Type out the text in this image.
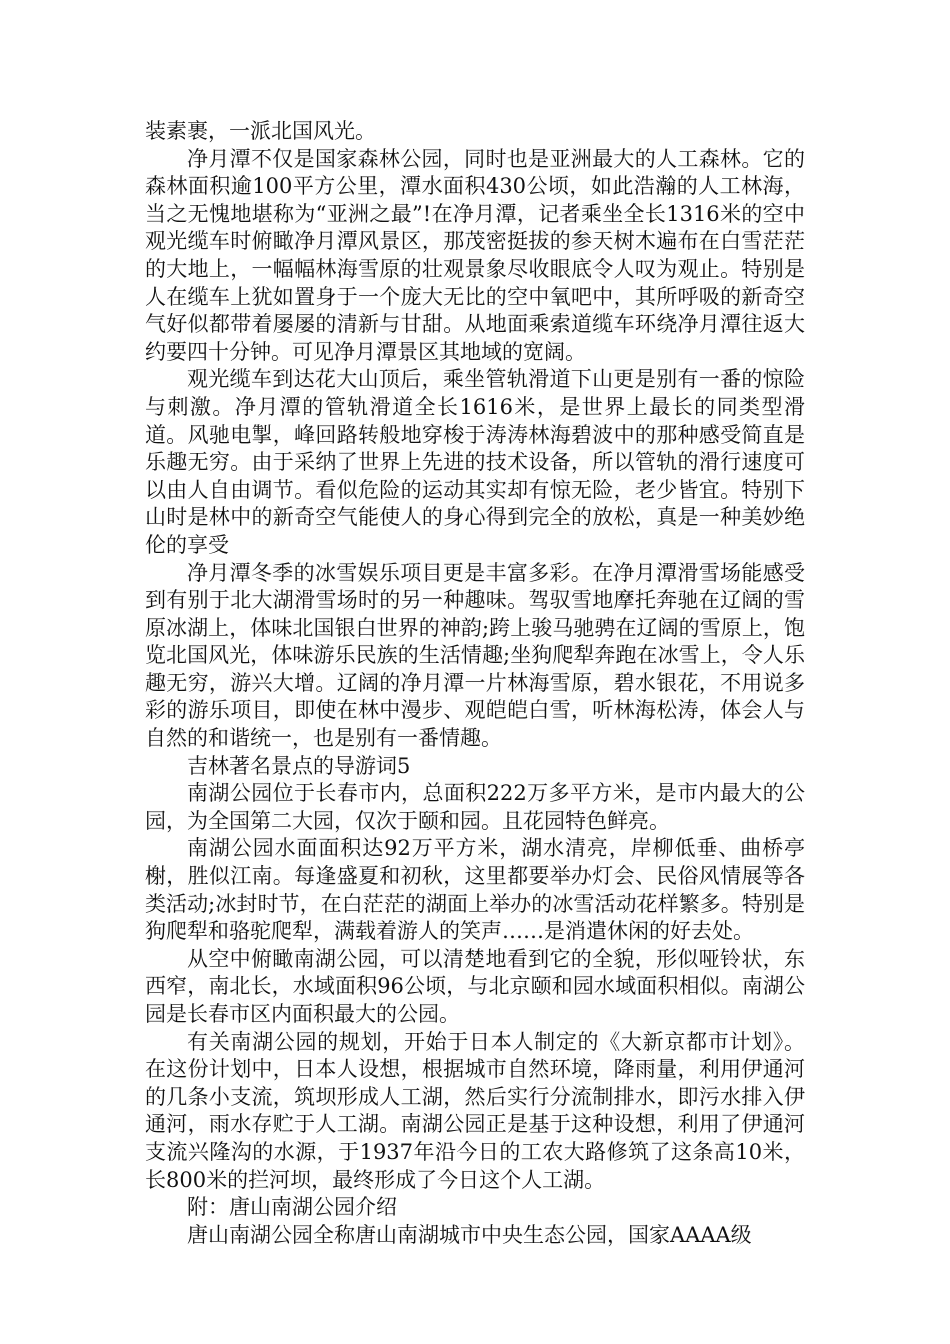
装素裹，一派北国风光。

净月潭不仅是国家森林公园，同时也是亚洲最大的人工森林。它的森林面积逾100平方公里，潭水面积430公顷，如此浩瀚的人工林海，当之无愧地堪称为“亚洲之最”!在净月潭，记者乘坐全长1316米的空中观光缆车时俯瞰净月潭风景区，那茂密挺拔的参天树木遍布在白雪茫茫的大地上，一幅幅林海雪原的壮观景象尽收眼底令人叹为观止。特别是人在缆车上犹如置身于一个庞大无比的空中氧吧中，其所呼吸的新奇空气好似都带着屡屡的清新与甘甜。从地面乘索道缆车环绕净月潭往返大约要四十分钟。可见净月潭景区其地域的宽阔。

观光缆车到达花大山顶后，乘坐管轨滑道下山更是别有一番的惊险与刺激。净月潭的管轨滑道全长1616米，是世界上最长的同类型滑道。风驰电掣，峰回路转般地穿梭于涛涛林海碧波中的那种感受简直是乐趣无穷。由于采纳了世界上先进的技术设备，所以管轨的滑行速度可以由人自由调节。看似危险的运动其实却有惊无险，老少皆宜。特别下山时是林中的新奇空气能使人的身心得到完全的放松，真是一种美妙绝伦的享受

净月潭冬季的冰雪娱乐项目更是丰富多彩。在净月潭滑雪场能感受到有别于北大湖滑雪场时的另一种趣味。驾驭雪地摩托奔驰在辽阔的雪原冰湖上，体味北国银白世界的神韵;跨上骏马驰骋在辽阔的雪原上，饱览北国风光，体味游乐民族的生活情趣;坐狗爬犁奔跑在冰雪上，令人乐趣无穷，游兴大增。辽阔的净月潭一片林海雪原，碧水银花，不用说多彩的游乐项目，即使在林中漫步、观皑皑白雪，听林海松涛，体会人与自然的和谐统一，也是别有一番情趣。

吉林著名景点的导游词5

南湖公园位于长春市内，总面积222万多平方米，是市内最大的公园，为全国第二大园，仅次于颐和园。且花园特色鲜亮。

南湖公园水面面积达92万平方米，湖水清亮，岸柳低垂、曲桥亭榭，胜似江南。每逢盛夏和初秋，这里都要举办灯会、民俗风情展等各类活动;冰封时节，在白茫茫的湖面上举办的冰雪活动花样繁多。特别是狗爬犁和骆驼爬犁，满载着游人的笑声……是消遣休闲的好去处。

从空中俯瞰南湖公园，可以清楚地看到它的全貌，形似哑铃状，东西窄，南北长，水域面积96公顷，与北京颐和园水域面积相似。南湖公园是长春市区内面积最大的公园。

有关南湖公园的规划，开始于日本人制定的《大新京都市计划》。在这份计划中，日本人设想，根据城市自然环境，降雨量，利用伊通河的几条小支流，筑坝形成人工湖，然后实行分流制排水，即污水排入伊通河，雨水存贮于人工湖。南湖公园正是基于这种设想，利用了伊通河支流兴隆沟的水源，于1937年沿今日的工农大路修筑了这条高10米，长800米的拦河坝，最终形成了今日这个人工湖。

附：唐山南湖公园介绍

唐山南湖公园全称唐山南湖城市中央生态公园，国家AAAA级
